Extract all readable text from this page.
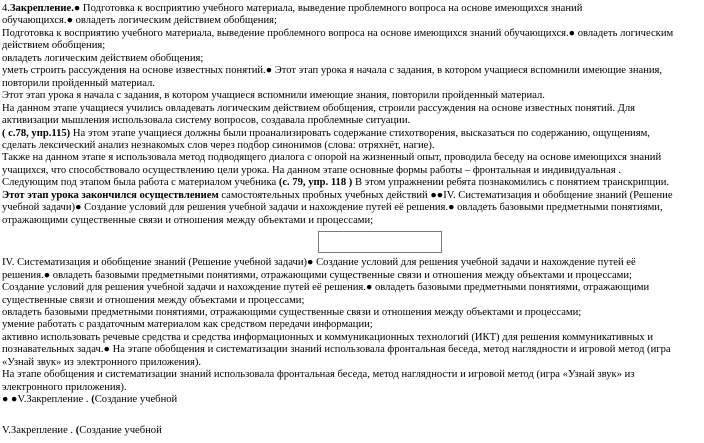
4.Закрепление.● Подготовка к восприятию учебного материала, выведение проблемного вопроса на основе имеющихся знаний
обучающихся.● овладеть логическим действием обобщения;
Подготовка к восприятию учебного материала, выведение проблемного вопроса на основе имеющихся знаний обучающихся.● овладеть логическим
действием обобщения;
овладеть логическим действием обобщения;
уметь строить рассуждения на основе известных понятий.● Этот этап урока я начала с задания, в котором учащиеся вспомнили имеющие знания,
повторили пройденный материал.
Этот этап урока я начала с задания, в котором учащиеся вспомнили имеющие знания, повторили пройденный материал.
На данном этапе учащиеся учились овладевать логическим действием обобщения, строили рассуждения на основе известных понятий. Для
активизации мышления использовала систему вопросов, создавала проблемные ситуации.
( с.78, упр.115) На этом этапе учащиеся должны были проанализировать содержание стихотворения, высказаться по содержанию, ощущениям,
сделать лексический анализ незнакомых слов через подбор синонимов (слова: отряхнёт, нагие).
Также на данном этапе я использовала метод подводящего диалога с опорой на жизненный опыт, проводила беседу на основе имеющихся знаний
учащихся, что способствовало осуществлению цели урока. На данном этапе основные формы работы – фронтальная и индивидуальная .
Следующим под этапом была работа с материалом учебника (с. 79, упр. 118 ) В этом упражнении ребята познакомились с понятием транскрипции.
Этот этап урока закончился осуществлением самостоятельных пробных учебных действий ●●IV. Систематизация и обобщение знаний (Решение
учебной задачи)● Создание условий для решения учебной задачи и нахождение путей её решения.● овладеть базовыми предметными понятиями,
отражающими существенные связи и отношения между объектами и процессами;
IV. Систематизация и обобщение знаний (Решение учебной задачи)● Создание условий для решения учебной задачи и нахождение путей её
решения.● овладеть базовыми предметными понятиями, отражающими существенные связи и отношения между объектами и процессами;
Создание условий для решения учебной задачи и нахождение путей её решения.● овладеть базовыми предметными понятиями, отражающими
существенные связи и отношения между объектами и процессами;
овладеть базовыми предметными понятиями, отражающими существенные связи и отношения между объектами и процессами;
умение работать с раздаточным материалом как средством передачи информации;
активно использовать речевые средства и средства информационных и коммуникационных технологий (ИКТ) для решения коммуникативных и
познавательных задач.● На этапе обобщения и систематизации знаний использовала фронтальная беседа, метод наглядности и игровой метод (игра
«Узнай звук» из электронного приложения).
На этапе обобщения и систематизации знаний использовала фронтальная беседа, метод наглядности и игровой метод (игра «Узнай звук» из
электронного приложения).
● ●V.Закрепление . (Создание учебной
V.Закрепление . (Создание учебной
